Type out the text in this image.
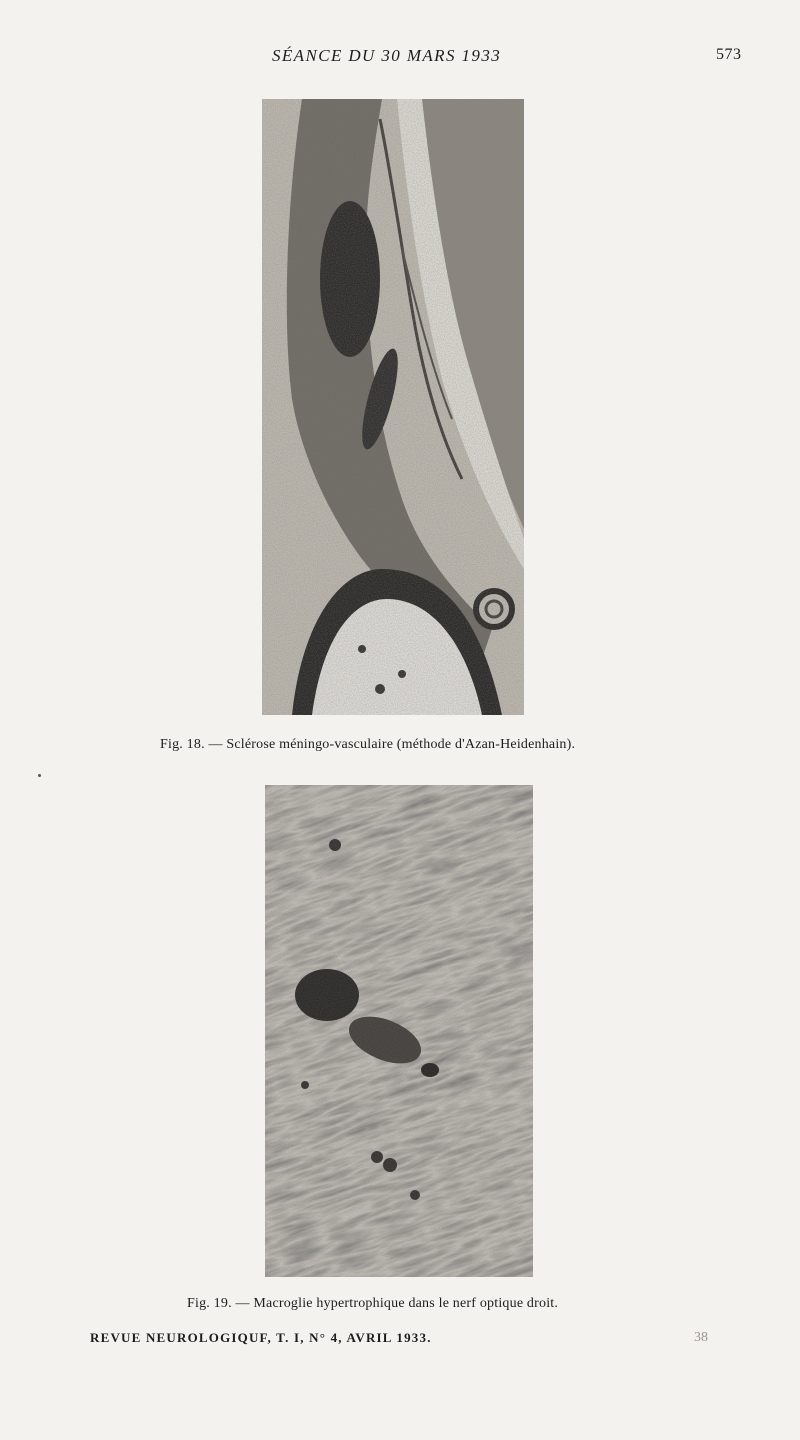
SÉANCE DU 30 MARS 1933	573
Fig. 18. — Sclérose méningo-vasculaire (méthode d'Azan-Heidenhain).
Fig. 19. — Macroglie hypertrophique dans le nerf optique droit.
REVUE NEUROLOGIQUF, T. I, N° 4, AVRIL 1933.	38
